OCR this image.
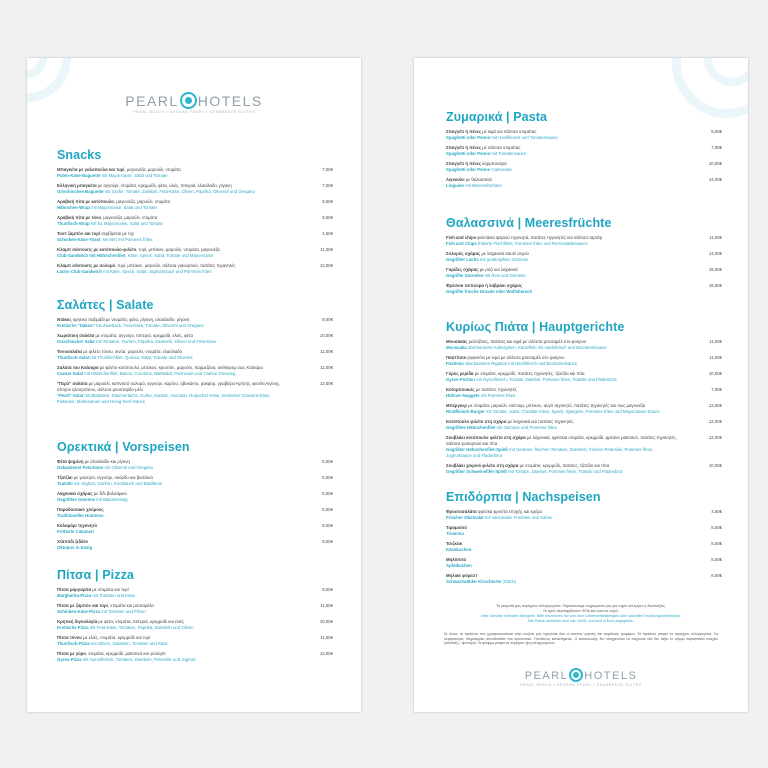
PEARL HOTELS
PEARL BEACH • AEGEAN PEARL • SEABREEZE SUITES
Snacks
Μπαγκέτα με γαλοπούλα και τυρί, μαγιονέζα, μαρούλι, ντομάτα
Puten-Käse-Baguette mit Mayonnaise, Salat und Tomate
7,00€
Ελληνική μπαγκέτα με αγγούρι, ντομάτα, κρεμμύδι, φέτα, ελιές, πιπεριά, ελαιόλαδο, ρίγανη
Griechisches Baguette mit Gurke, Tomate, Zwiebel, Feta-Käse, Oliven, Paprika, Olivenöl und Oregano
7,00€
Αραβική πίτα με κοτόπουλο, μαγιονέζα, μαρούλι, ντομάτα
Hähnchen-Wrap mit Mayonnaise, Salat und Tomate
8,00€
Αραβική πίτα με τόνο, μαγιονέζα, μαρούλι, ντομάτα
Thunfisch-Wrap mit EL Mayonnaise, Salat und Tomate
8,00€
Τοστ ζαμπόν και τυρί σερβίρεται με τηγ
Schinken-Käse-Toast, serviert mit Pommes frites
4,50€
Κλαμπ σάντουιτς με κοτόπουλο-φιλέτο, τυρί, μπέικον, μαρούλι, ντομάτα, μαγιονέζα
Club-Sandwich mit Hähnchenfilet, Käse, Speck, Salat, Tomate und Mayonnaise
11,00€
Κλαμπ σάντουιτς με σολομό, τυρί, μπέικον, μαρούλι, σάλτσα γιαουρτιού, πατάτες τηγανητές
Lachs-Club-Sandwich mit Käse, Speck, Salat, Joghurtsauce und Pommes frites
12,00€
Σαλάτες | Salate
Ντάκος κρητικό παξιμάδι με ντομάτα, φέτα, ρίγανη, ελαιόλαδο, ρίγανη
Kretische "Dakos" mit Zwieback, Feta-Käse, Tomate, Olivenöl und Oregano
8,00€
Χωριάτικη σαλάτα με ντομάτα, αγγούρι, πιπεριά, κρεμμύδι, ελιές, φέτα
Griechischer Salat mit Tomaten, Gurken, Paprika, Zwiebeln, Oliven und Feta-Käse
10,00€
Τονοσαλάτα με φιλέτο τόνου, κινόα, μαρούλι, ντομάτα, ελαιόλαδο
Thunfisch-Salat mit Thunfischfilet, Quinoa, Salat, Tomate und Olivenöl
11,00€
Σαλάτα του Καίσαρα με φιλέτο κοτόπουλο, μπέικον, κρουτόν, μαρούλι, παρμεζάνα, ανθόκρεμ σως Καίσαρα
Caesar-Salat mit Hähnchenfilet, Bacon, Croutons, Blattsalat, Parmesan und Caesar Dressing
11,00€
"Περλ" σαλάτα με μαρούλι, καπνιστό σολομό, αγγούρι, καρότο, αβοκάντο, ροκφόρ, γραβιέρα Κρήτης, φιστίκι Αιγίνης, σπόροι ηλιοτρόπιου, σάλτσα μουσταρδο-μέλι
"Pearl"-Salat mit Blattsalat, Räucherlachs, Gurke, Karotte, Avocado, Roquefort-Käse, kretischer Graviera-Käse, Pistazien, Mohnsamen und Honig-Senf-Sauce
12,00€
Ορεκτικά | Vorspeisen
Φέτα ψημένη με ελαιόλαδο και ρίγανη
Gebackener Feta-Käse mit Olivenöl und Oregano
6,00€
Τζατζίκι με γιαούρτι, αγγούρι, σκόρδο και βασιλικό
Tsatsiki mit Joghurt, Gurken, Knoblauch und Basilikum
6,00€
Λαχανικά σχάρας με ξίδι βαλσάμικο
Gegrilltes Gemüse mit Balsamessig
6,00€
Παραδοσιακό χούμους
Traditioneller Hummus
6,00€
Καλαμάρι τηγανητό
Frittierte Calamari
8,00€
Χταπόδι ξιδάτο
Oktopus in Essig
9,00€
Πίτσα | Pizza
Πίτσα μαργαρίτα με ντομάτα και τυρί
Margherita-Pizza mit Tomaten und Käse
9,00€
Πίτσα με ζαμπόν και τυρί, ντομάτα και μοτσαρέλα
Schinken-Käse-Pizza mit Tomaten und Pilzen
11,00€
Κρητική διγουλαγία με φέτα, ντομάτα, πιπεριά, κρεμμύδι και ελιές
Kretische Pizza mit Feta-Käse, Tomaten, Paprika, Zwiebeln und Oliven
10,00€
Πίτσα τόνου με ελιές, ντομάτα, κρεμμύδι και τυρί
Thunfisch-Pizza mit Oliven, Zwiebeln, Tomaten und Käse
11,00€
Πίτσα με γύρο, ντομάτα, κρεμμύδι, μαϊντανό και γιαούρτι
Gyros-Pizza mit Gyrosfleisch, Tomaten, Zwiebeln, Petersilie und Joghurt
13,00€
Ζυμαρικά | Pasta
Σπαγγέτι ή πένες με κιμά και σάλτσα ντομάτας
Spaghetti oder Penne mit Hackfleisch und Tomatensauce
8,00€
Σπαγγέτι ή πένες με σάλτσα ντομάτας
Spaghetti oder Penne mit Tomatensauce
7,00€
Σπαγγέτι ή πένες καρμπονάρα
Spaghetti oder Penne Carbonara
10,00€
Λιγκουίνι με θαλασσινά
Linguine mit Meeresfrüchten
14,00€
Θαλασσινά | Meeresfrüchte
Fish and chips φιλετάκια ψαριού τηγανητά, πατάτες τηγανητές και σάλτσα ταρτάρ
Fish and Chips frittierte Fischfilets, Pommes frites und Remouladensauce
11,00€
Σολομός σχάρας με λαχανικά σαυτέ ατμού
Gegrillter Lachs mit gedämpftem Gemüse
14,00€
Γαρίδες σχάρας με ρύζι και λαχανικά
Gegrillte Garnelen mit Reis und Gemüse
15,00€
Φρέσκια τσιπούρα ή λαβράκι σχάρας
Gegrillte frische Dorade oder Wolfsbarsch
16,00€
Κυρίως Πιάτα | Hauptgerichte
Μουσακάς μελιτζάνες, πατάτες και κιμά με σάλτσα μπεσαμέλ στο φούρνο
Moussaka überbackene Auberginen, Kartoffeln mit Hackfleisch und Bechamelsauce
11,00€
Παστίτσιο ριγκατόνι με κιμά με σάλτσα μπεσαμέλ στο φούρνο
Pastitsio überbackene Rigatoni mit Hackfleisch und Bechamelsauce
11,00€
Γύρος μερίδα με ντομάτα, κρεμμύδι, πατάτες τηγανητές, τζατζίκι και πίτα
Gyros-Portion mit Gyrosfleisch, Tomate, Zwiebel, Pommes frites, Tsatsiki und Fladenbrot
10,00€
Κοτομπουκιές με πατάτες τηγανητές
Hühner-Nuggets mit Pommes frites
7,00€
Μπέργκερ με ντομάτα, μαρούλι, τσένταρ, μπέικον, αυγό τηγανητό, πατάτες τηγανητές και σως μαγιονέζα
Rindfleisch-Burger mit Tomate, Salat, Cheddar-Käse, Speck, Spiegelei, Pommes frites und Mayonnaise-Sauce
13,00€
Κοτόπουλο φιλέτο στη σχάρα με λαχανικά και πατάτες τηγανητές
Gegrilltes Hähnchenfilet mit Gemüse und Pommes frites
12,00€
Σουβλάκι κοτόπουλο φιλέτο στη σχάρα με λαχανικά, φρέσκια ντομάτα, κρεμμύδι, φρέσκο μαϊντανό, πατάτες τηγανητές, σάλτσα γιαουρτιού και πίτα
Gegrillter Hähnchenfilet-Spieß mit Gemüse, frischen Tomaten, Zwiebeln, frischer Petersilie, Pommes frites, Joghurtsauce und Fladenbrot
12,00€
Σουβλάκι χοιρινό φιλέτο στη σχάρα με ντομάτα, κρεμμύδι, πατάτες, τζατζίκι και πίτα
Gegrillter Schweinefilet-Spieß mit Tomate, Zwiebel, Pommes frites, Tsatsiki und Fladenbrot
10,00€
Επιδόρπια | Nachspeisen
Φρουτοσαλάτα φρέσκα φρούτα εποχής και κρέμα
Frischer Obstsalat mit saisonalen Früchten und Sahne
4,50€
Τιραμισού
Tiramisu
5,00€
Τσιζκέικ
Käsekuchen
5,00€
Μηλόπιτα
Apfelkuchen
5,00€
Μηλιακ φόρεστ
Schwarzwälder Kirschtorte (Stück)
6,00€
Τα γεύματά μας περιέχουν αλλεργιογόνα. Παρακαλούμε ενημερώστε μας για τυχόν αλλεργίες ή δυσανεξίες.
Οι τιμές περιλαμβάνουν ΦΠΑ και είναι σε ευρώ.
Viele Gerichte enthalten Allergene. Bitte informieren Sie uns über Lebensmittelallergien oder spezielle Ernährungsbedürfnisse.
Alle Preise verstehen sich inkl. MwSt. und sind in Euro angegeben.
Σε όλους τα προϊόντα που χρησιμοποιούνται στην κουζίνα μας τηρούνται όλοι οι κανόνες υγιεινής και ασφάλειας τροφίμων. Τα προϊόντα μπορεί να περιέχουν αλλεργιογόνα. Για περισσότερες πληροφορίες απευθυνθείτε στο προσωπικό. Υπεύθυνος καταστήματος. Ο καταναλωτής δεν υποχρεούται να πληρώσει εάν δεν λάβει το νόμιμο παραστατικό στοιχείο (απόδειξη - τιμολόγιο). Τα τρόφιμα μπορεί να περιέχουν ίχνη αλλεργιογόνων.
PEARL HOTELS
PEARL BEACH • AEGEAN PEARL • SEABREEZE SUITES
